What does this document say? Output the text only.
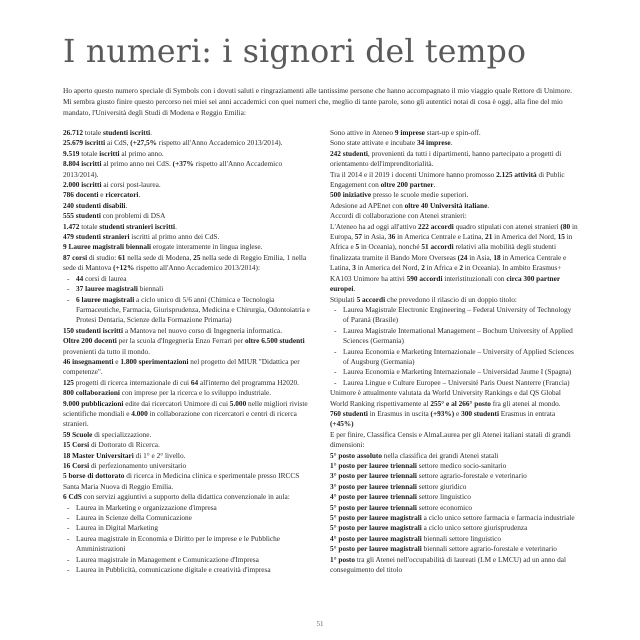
I numeri: i signori del tempo

Ho aperto questo numero speciale di Symbols con i dovuti saluti e ringraziamenti alle tantissime persone che hanno accompagnato il mio viaggio quale Rettore di Unimore. Mi sembra giusto finire questo percorso nei miei sei anni accademici con quei numeri che, meglio di tante parole, sono gli autentici notai di cosa è oggi, alla fine del mio mandato, l'Università degli Studi di Modena e Reggio Emilia:

26.712 totale studenti iscritti.

25.679 iscritti ai CdS, (+27,5% rispetto all'Anno Accademico 2013/2014).

9.519 totale iscritti al primo anno.

8.804 iscritti al primo anno nei CdS. (+37% rispetto all'Anno Accademico 2013/2014).

2.000 iscritti ai corsi post-laurea.

786 docenti e ricercatori.

240 studenti disabili.

555 studenti con problemi di DSA

1.472 totale studenti stranieri iscritti.

479 studenti stranieri iscritti al primo anno dei CdS.

9 Lauree magistrali biennali erogate interamente in lingua inglese.

87 corsi di studio: 61 nella sede di Modena, 25 nella sede di Reggio Emilia, 1 nella sede di Mantova (+12% rispetto all'Anno Accademico 2013/2014):

- 44 corsi di laurea
- 37 lauree magistrali biennali
- 6 lauree magistrali a ciclo unico di 5/6 anni (Chimica e Tecnologia Farmaceutiche, Farmacia, Giurisprudenza, Medicina e Chirurgia, Odontoiatria e Protesi Dentaria, Scienze della Formazione Primaria)

150 studenti iscritti a Mantova nel nuovo corso di Ingegneria informatica.

Oltre 200 docenti per la scuola d'Ingegneria Enzo Ferrari per oltre 6.500 studenti provenienti da tutto il mondo.

46 insegnamenti e 1.800 sperimentazioni nel progetto del MIUR "Didattica per competenze".

125 progetti di ricerca internazionale di cui 64 all'interno del programma H2020.

800 collaborazioni con imprese per la ricerca e lo sviluppo industriale.

9.000 pubblicazioni edite dai ricercatori Unimore di cui 5.000 nelle migliori riviste scientifiche mondiali e 4.000 in collaborazione con ricercatori e centri di ricerca stranieri.

59 Scuole di specializzazione.

15 Corsi di Dottorato di Ricerca.

18 Master Universitari di 1° e 2° livello.

16 Corsi di perfezionamento universitario

5 borse di dottorato di ricerca in Medicina clinica e sperimentale presso IRCCS Santa Maria Nuova di Reggio Emilia.

6 CdS con servizi aggiuntivi a supporto della didattica convenzionale in aula:

- Laurea in Marketing e organizzazione d'impresa
- Laurea in Scienze della Comunicazione
- Laurea in Digital Marketing
- Laurea magistrale in Economia e Diritto per le imprese e le Pubbliche Amministrazioni
- Laurea magistrale in Management e Comunicazione d'Impresa
- Laurea in Pubblicità, comunicazione digitale e creatività d'impresa

Sono attive in Ateneo 9 imprese start-up e spin-off.

Sono state attivate e incubate 34 imprese.

242 studenti, provenienti da tutti i dipartimenti, hanno partecipato a progetti di orientamento dell'imprenditorialità.

Tra il 2014 e il 2019 i docenti Unimore hanno promosso 2.125 attività di Public Engagement con oltre 200 partner.

500 iniziative presso le scuole medie superiori.

Adesione ad APEnet con oltre 40 Università italiane.

Accordi di collaborazione con Atenei stranieri:

L'Ateneo ha ad oggi all'attivo 222 accordi quadro stipulati con atenei stranieri (80 in Europa, 57 in Asia, 36 in America Centrale e Latina, 21 in America del Nord, 15 in Africa e 5 in Oceania), nonché 51 accordi relativi alla mobilità degli studenti finalizzata tramite il Bando More Overseas (24 in Asia, 18 in America Centrale e Latina, 3 in America del Nord, 2 in Africa e 2 in Oceania). In ambito Erasmus+ KA103 Unimore ha attivi 590 accordi interistituzionali con circa 300 partner europei.

Stipulati 5 accordi che prevedono il rilascio di un doppio titolo:

- Laurea Magistrale Electronic Engineering – Federal University of Technology of Paraná (Brasile)
- Laurea Magistrale International Management – Bochum University of Applied Sciences (Germania)
- Laurea Economia e Marketing Internazionale – University of Applied Sciences of Augsburg (Germania)
- Laurea Economia e Marketing Internazionale – Universidad Jaume I (Spagna)
- Laurea Lingue e Culture Europee – Université Paris Ouest Nanterre (Francia)

Unimore è attualmente valutata da World University Rankings e dal QS Global World Ranking rispettivamente al 255° e al 266° posto fra gli atenei al mondo.

760 studenti in Erasmus in uscita (+93%) e 300 studenti Erasmus in entrata (+45%)

E per finire, Classifica Censis e AlmaLaurea per gli Atenei italiani statali di grandi dimensioni:

5° posto assoluto nella classifica dei grandi Atenei statali

1° posto per lauree triennali settore medico socio-sanitario

3° posto per lauree triennali settore agrario-forestale e veterinario

3° posto per lauree triennali settore giuridico

4° posto per lauree triennali settore linguistico

5° posto per lauree triennali settore economico

5° posto per lauree magistrali a ciclo unico settore farmacia e farmacia industriale

5° posto per lauree magistrali a ciclo unico settore giurisprudenza

4° posto per lauree magistrali biennali settore linguistico

5° posto per lauree magistrali biennali settore agrario-forestale e veterinario

1° posto tra gli Atenei nell'occupabilità di laureati (LM e LMCU) ad un anno dal conseguimento del titolo

51
